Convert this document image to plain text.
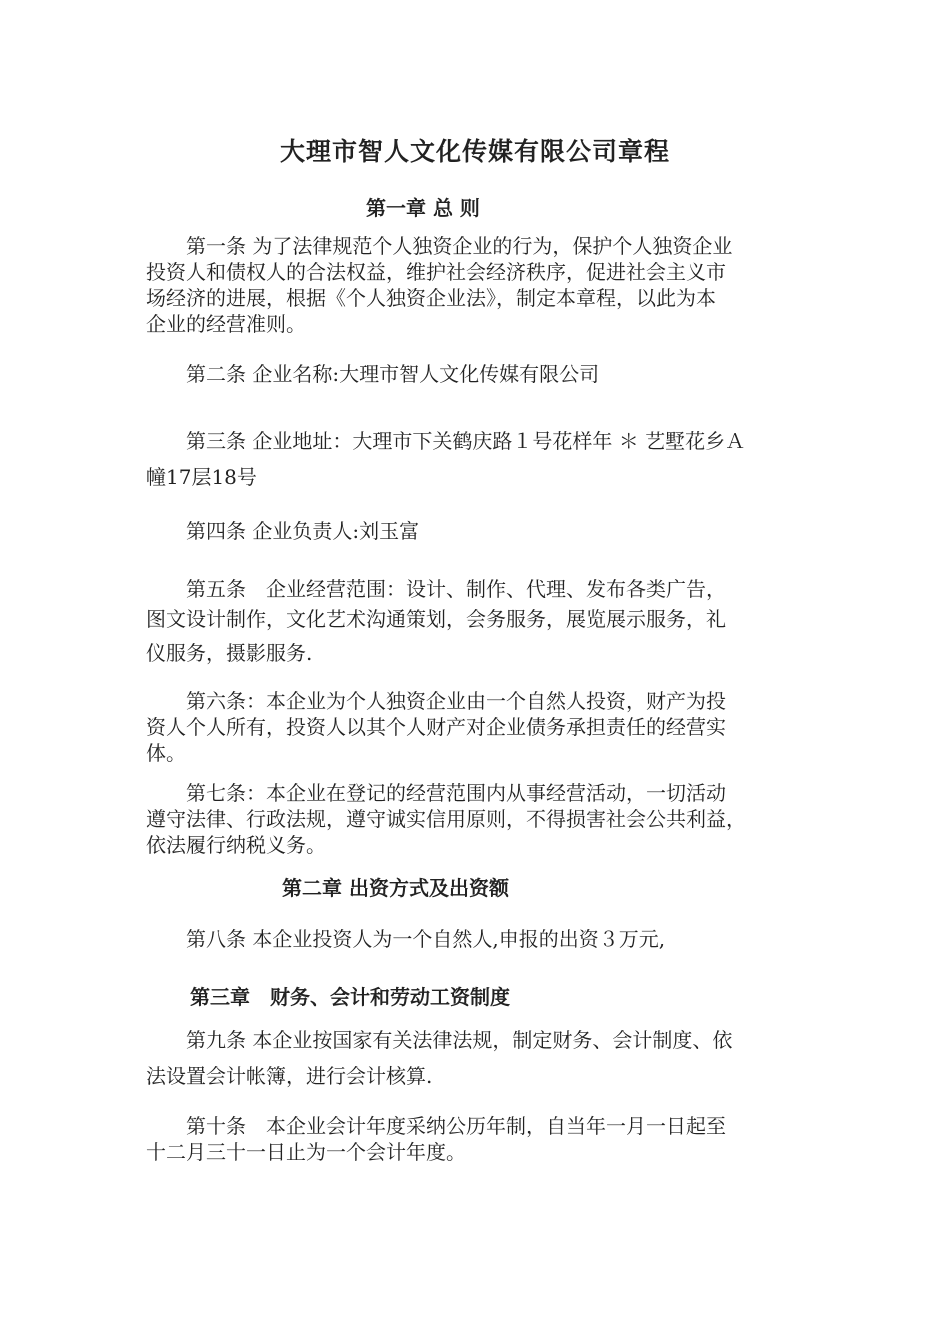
大理市智人文化传媒有限公司章程
第一章 总 则
　　第一条 为了法律规范个人独资企业的行为，保护个人独资企业
投资人和债权人的合法权益，维护社会经济秩序，促进社会主义市
场经济的进展，根据《个人独资企业法》，制定本章程，以此为本
企业的经营准则。
　　第二条 企业名称:大理市智人文化传媒有限公司
　　第三条 企业地址：大理市下关鹤庆路１号花样年 ＊ 艺墅花乡Ａ
幢17层18号
　　第四条 企业负责人:刘玉富
　　第五条　企业经营范围：设计、制作、代理、发布各类广告，
图文设计制作，文化艺术沟通策划，会务服务，展览展示服务，礼
仪服务，摄影服务.
　　第六条：本企业为个人独资企业由一个自然人投资，财产为投
资人个人所有，投资人以其个人财产对企业债务承担责任的经营实
体。
　　第七条：本企业在登记的经营范围内从事经营活动，一切活动
遵守法律、行政法规，遵守诚实信用原则，不得损害社会公共利益，
依法履行纳税义务。
第二章 出资方式及出资额
　　第八条 本企业投资人为一个自然人,申报的出资３万元,
第三章　财务、会计和劳动工资制度
　　第九条 本企业按国家有关法律法规，制定财务、会计制度、依
法设置会计帐簿，进行会计核算.
　　第十条　本企业会计年度采纳公历年制，自当年一月一日起至
十二月三十一日止为一个会计年度。
